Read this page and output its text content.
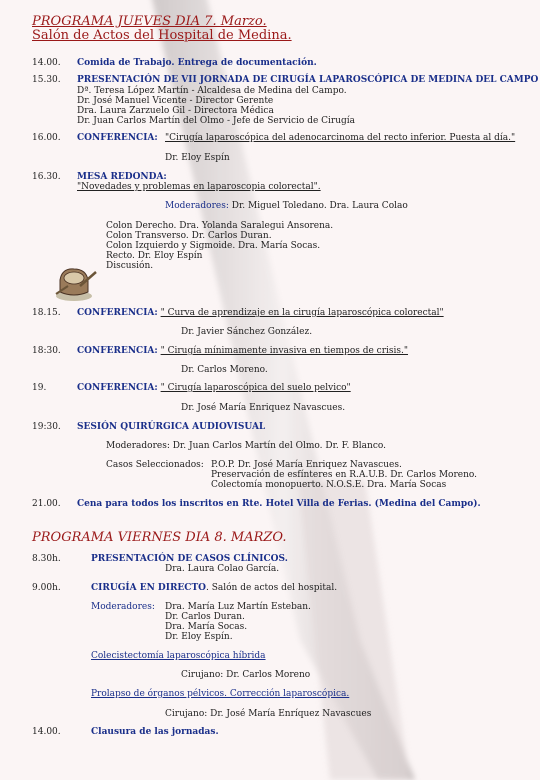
PROGRAMA JUEVES DIA 7. Marzo.
Salón de Actos del Hospital de Medina.
14.00. Comida de Trabajo. Entrega de documentación.
15.30. PRESENTACIÓN DE VII JORNADA DE CIRUGÍA LAPAROSCÓPICA DE MEDINA DEL CAMPO
Dª. Teresa López Martín - Alcaldesa de Medina del Campo.
Dr. José Manuel Vicente - Director Gerente
Dra. Laura Zarzuelo Gil - Directora Médica
Dr. Juan Carlos Martín del Olmo - Jefe de Servicio de Cirugía
16.00. CONFERENCIA: "Cirugía laparoscópica del adenocarcinoma del recto inferior. Puesta al día."
Dr. Eloy Espín
16.30. MESA REDONDA:
"Novedades y problemas en laparoscopia colorectal".
Moderadores: Dr. Miguel Toledano. Dra. Laura Colao
Colon Derecho. Dra. Yolanda Saralegui Ansorena.
Colon Transverso. Dr. Carlos Duran.
Colon Izquierdo y Sigmoide. Dra. María Socas.
Recto. Dr. Eloy Espín
Discusión.
18.15. CONFERENCIA: " Curva de aprendizaje en la cirugía laparoscópica colorectal"
Dr. Javier Sánchez González.
18:30. CONFERENCIA: " Cirugía mínimamente invasiva en tiempos de crisis."
Dr. Carlos Moreno.
19.	CONFERENCIA: " Cirugía laparoscópica del suelo pelvico"
Dr. José María Enriquez Navascues.
19:30. SESIÓN QUIRÚRGICA AUDIOVISUAL
Moderadores: Dr. Juan Carlos Martín del Olmo. Dr. F. Blanco.
Casos Seleccionados: P.O.P. Dr. José María Enriquez Navascues.
Preservación de esfínteres en R.A.U.B. Dr. Carlos Moreno.
Colectomía monopuerto. N.O.S.E. Dra. María Socas
21.00. Cena para todos los inscritos en Rte. Hotel Villa de Ferias. (Medina del Campo).
PROGRAMA VIERNES DIA 8. MARZO.
8.30h.	PRESENTACIÓN DE CASOS CLÍNICOS.
Dra. Laura Colao García.
9.00h.	CIRUGÍA EN DIRECTO. Salón de actos del hospital.
Moderadores: Dra. María Luz Martín Esteban.
Dr. Carlos Duran.
Dra. María Socas.
Dr. Eloy Espín.
Colecistectomía laparoscópica híbrida
Cirujano: Dr. Carlos Moreno
Prolapso de órganos pélvicos. Corrección laparoscópica.
Cirujano: Dr. José María Enríquez Navascues
14.00.	Clausura de las jornadas.
